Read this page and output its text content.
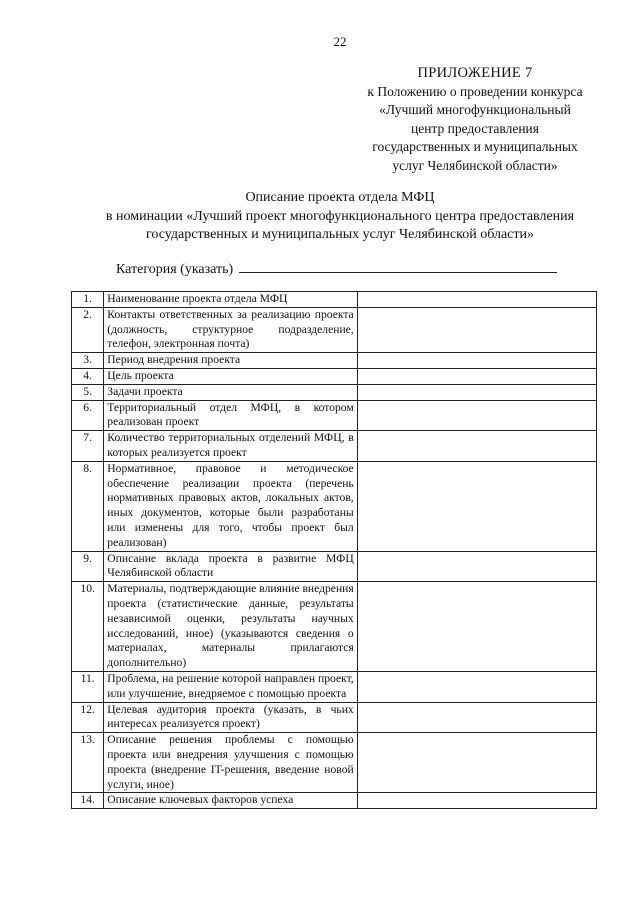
22
ПРИЛОЖЕНИЕ 7
к Положению о проведении конкурса
«Лучший многофункциональный
центр предоставления
государственных и муниципальных
услуг Челябинской области»
Описание проекта отдела МФЦ
в номинации «Лучший проект многофункционального центра предоставления
государственных и муниципальных услуг Челябинской области»
Категория (указать)
1.	Наименование проекта отдела МФЦ	
2.	Контакты ответственных за реализацию проекта (должность, структурное подразделение, телефон, электронная почта)	
3.	Период внедрения проекта	
4.	Цель проекта	
5.	Задачи проекта	
6.	Территориальный отдел МФЦ, в котором реализован проект	
7.	Количество территориальных отделений МФЦ, в которых реализуется проект	
8.	Нормативное, правовое и методическое обеспечение реализации проекта (перечень нормативных правовых актов, локальных актов, иных документов, которые были разработаны или изменены для того, чтобы проект был реализован)	
9.	Описание вклада проекта в развитие МФЦ Челябинской области	
10.	Материалы, подтверждающие влияние внедрения проекта (статистические данные, результаты независимой оценки, результаты научных исследований, иное) (указываются сведения о материалах, материалы прилагаются дополнительно)	
11.	Проблема, на решение которой направлен проект, или улучшение, внедряемое с помощью проекта	
12.	Целевая аудитория проекта (указать, в чьих интересах реализуется проект)	
13.	Описание решения проблемы с помощью проекта или внедрения улучшения с помощью проекта (внедрение IT-решения, введение новой услуги, иное)	
14.	Описание ключевых факторов успеха	
